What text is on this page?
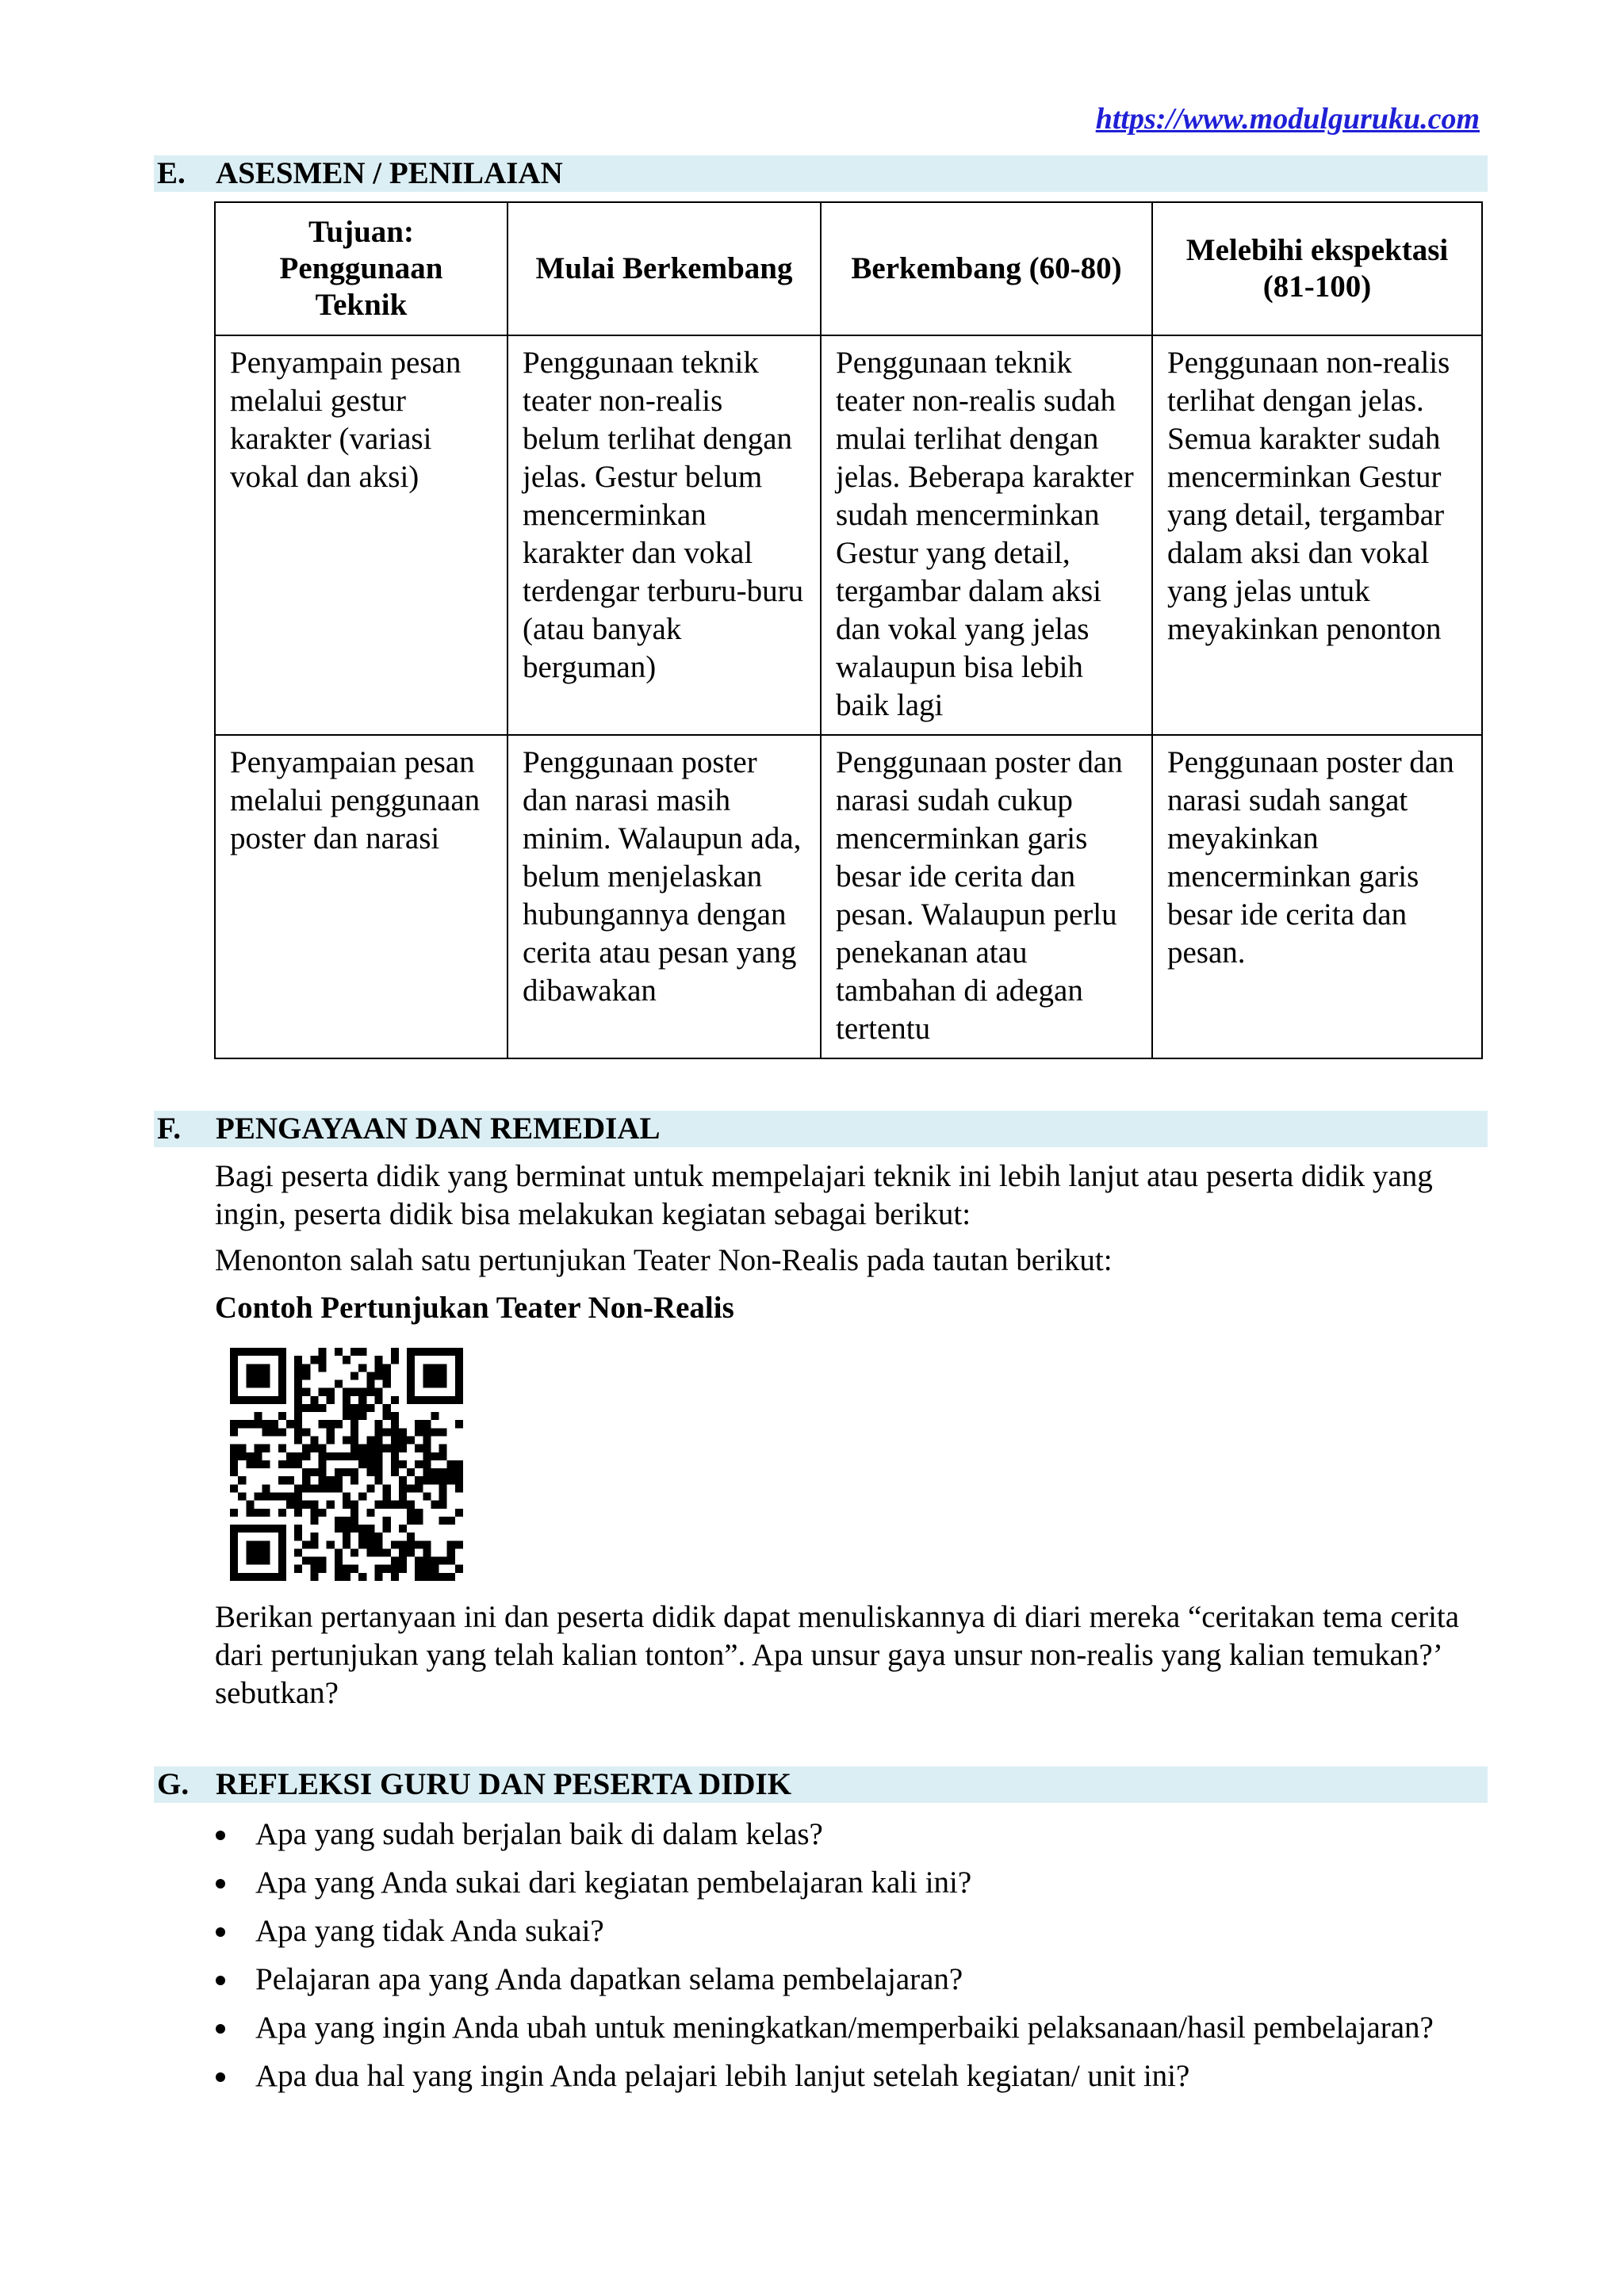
https://www.modulguruku.com
E. ASESMEN / PENILAIAN
Tujuan: Penggunaan Teknik	Mulai Berkembang	Berkembang (60-80)	Melebihi ekspektasi (81-100)
Penyampain pesan melalui gestur karakter (variasi vokal dan aksi)	Penggunaan teknik teater non-realis belum terlihat dengan jelas. Gestur belum mencerminkan karakter dan vokal terdengar terburu-buru (atau banyak berguman)	Penggunaan teknik teater non-realis sudah mulai terlihat dengan jelas. Beberapa karakter sudah mencerminkan Gestur yang detail, tergambar dalam aksi dan vokal yang jelas walaupun bisa lebih baik lagi	Penggunaan non-realis terlihat dengan jelas. Semua karakter sudah mencerminkan Gestur yang detail, tergambar dalam aksi dan vokal yang jelas untuk meyakinkan penonton
Penyampaian pesan melalui penggunaan poster dan narasi	Penggunaan poster dan narasi masih minim. Walaupun ada, belum menjelaskan hubungannya dengan cerita atau pesan yang dibawakan	Penggunaan poster dan narasi sudah cukup mencerminkan garis besar ide cerita dan pesan. Walaupun perlu penekanan atau tambahan di adegan tertentu	Penggunaan poster dan narasi sudah sangat meyakinkan mencerminkan garis besar ide cerita dan pesan.
F. PENGAYAAN DAN REMEDIAL
Bagi peserta didik yang berminat untuk mempelajari teknik ini lebih lanjut atau peserta didik yang ingin, peserta didik bisa melakukan kegiatan sebagai berikut:
Menonton salah satu pertunjukan Teater Non-Realis pada tautan berikut:
Contoh Pertunjukan Teater Non-Realis
Berikan pertanyaan ini dan peserta didik dapat menuliskannya di diari mereka “ceritakan tema cerita dari pertunjukan yang telah kalian tonton”. Apa unsur gaya unsur non-realis yang kalian temukan?’ sebutkan?
G. REFLEKSI GURU DAN PESERTA DIDIK
Apa yang sudah berjalan baik di dalam kelas?
Apa yang Anda sukai dari kegiatan pembelajaran kali ini?
Apa yang tidak Anda sukai?
Pelajaran apa yang Anda dapatkan selama pembelajaran?
Apa yang ingin Anda ubah untuk meningkatkan/memperbaiki pelaksanaan/hasil pembelajaran?
Apa dua hal yang ingin Anda pelajari lebih lanjut setelah kegiatan/ unit ini?
